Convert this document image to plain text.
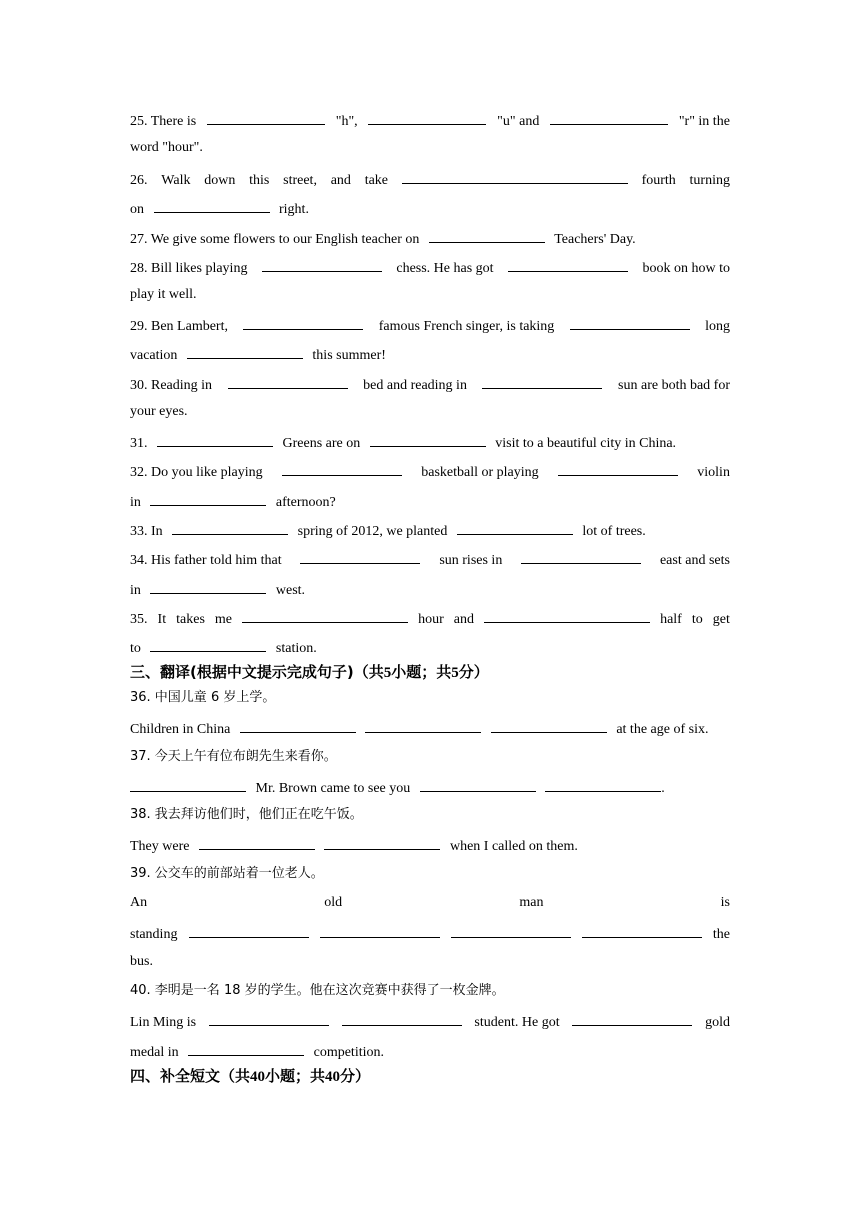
25. There is	"h",	"u" and	"r" in the
word "hour".
26. Walk down this street, and take	fourth turning
on	right.
27. We give some flowers to our English teacher on	Teachers' Day.
28. Bill likes playing	chess. He has got	book on how to
play it well.
29. Ben Lambert,	famous French singer, is taking	long
vacation	this summer!
30. Reading in	bed and reading in	sun are both bad for
your eyes.
31.	Greens are on	visit to a beautiful city in China.
32. Do you like playing	basketball or playing	violin
in	afternoon?
33. In	spring of 2012, we planted	lot of trees.
34. His father told him that	sun rises in	east and sets
in	west.
35. It takes me	hour and	half to get
to	station.
三、翻译(根据中文提示完成句子)（共5小题；共5分）
36. 中国儿童 6 岁上学。
Children in China	at the age of six.
37. 今天上午有位布朗先生来看你。
Mr. Brown came to see you	.
38. 我去拜访他们时，他们正在吃午饭。
They were	when I called on them.
39. 公交车的前部站着一位老人。
An	old	man	is
standing	the
bus.
40. 李明是一名 18 岁的学生。他在这次竞赛中获得了一枚金牌。
Lin Ming is	student. He got	gold
medal in	competition.
四、补全短文（共40小题；共40分）
